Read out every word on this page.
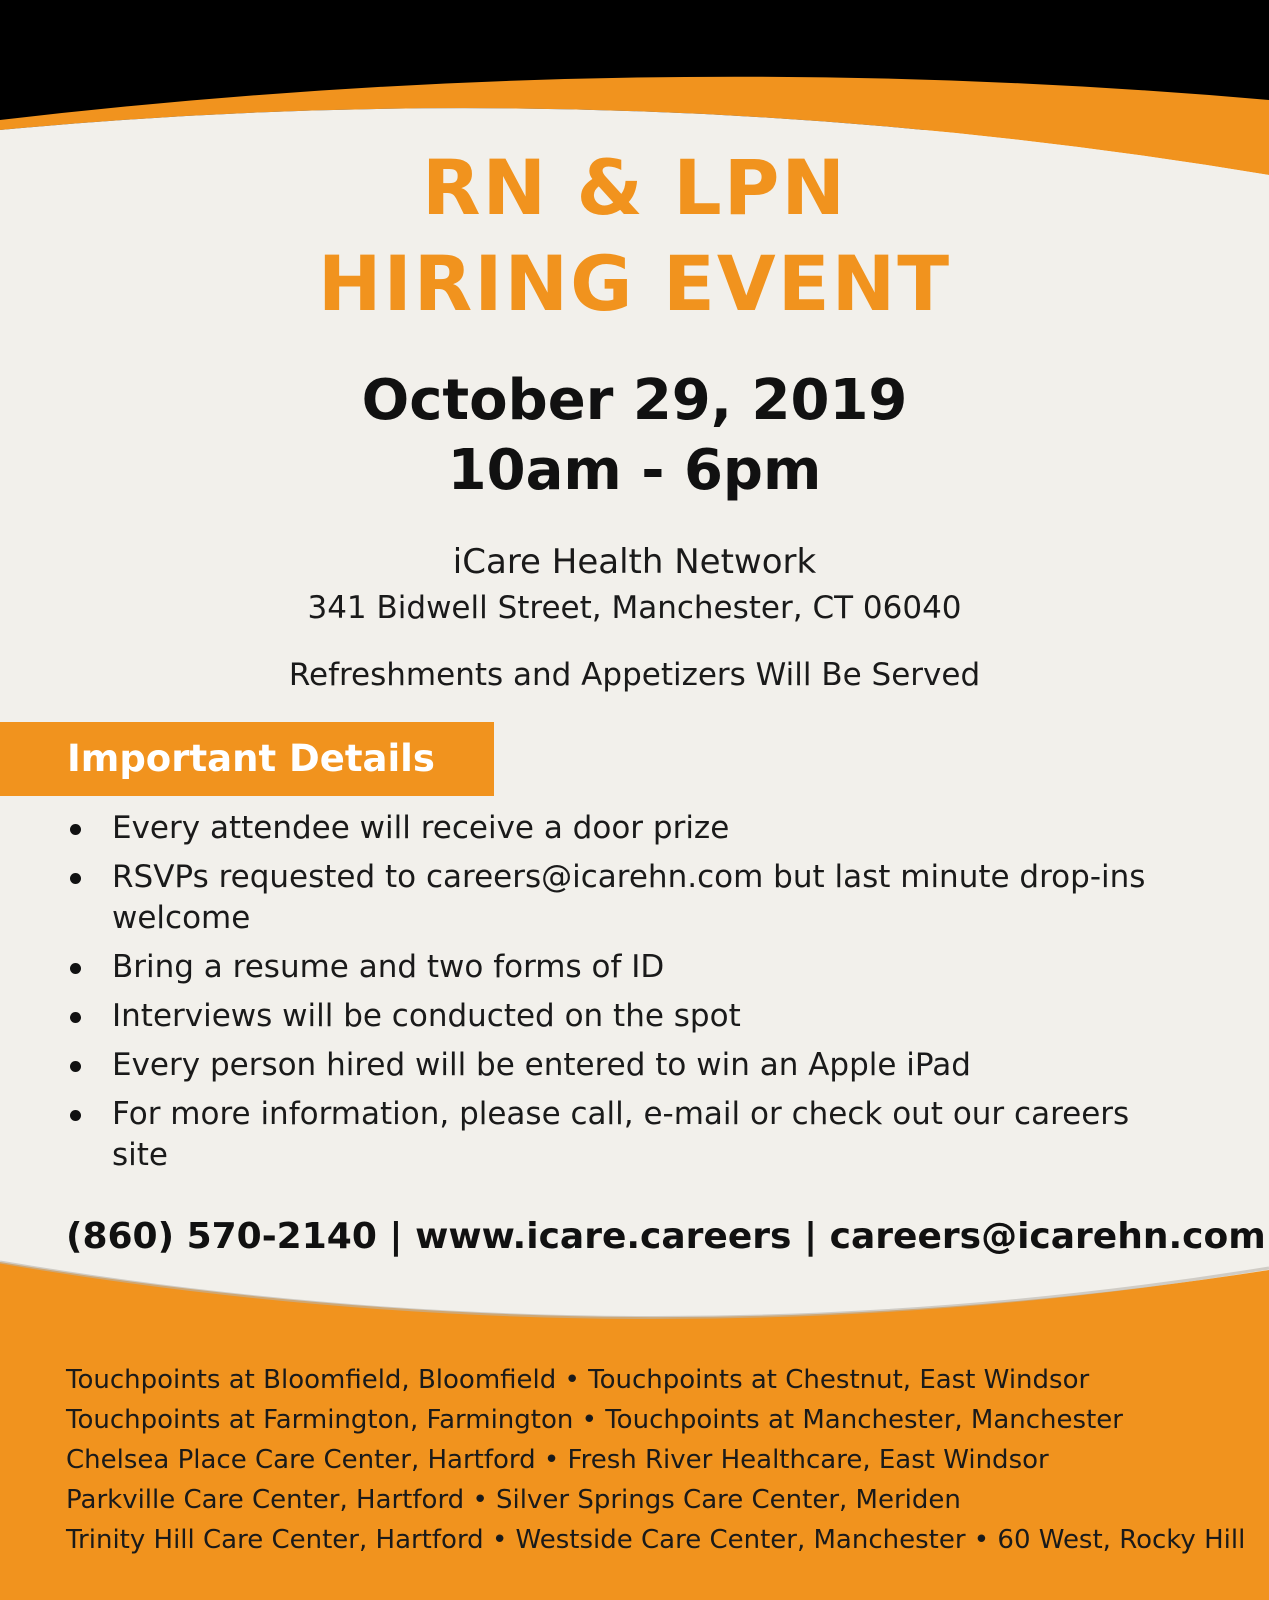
RN & LPN
HIRING EVENT
October 29, 2019
10am - 6pm
iCare Health Network
341 Bidwell Street, Manchester, CT 06040
Refreshments and Appetizers Will Be Served
Important Details
Every attendee will receive a door prize
RSVPs requested to careers@icarehn.com but last minute drop-ins welcome
Bring a resume and two forms of ID
Interviews will be conducted on the spot
Every person hired will be entered to win an Apple iPad
For more information, please call, e-mail or check out our careers site
(860) 570-2140 | www.icare.careers | careers@icarehn.com
Touchpoints at Bloomfield, Bloomfield • Touchpoints at Chestnut, East Windsor
Touchpoints at Farmington, Farmington • Touchpoints at Manchester, Manchester
Chelsea Place Care Center, Hartford • Fresh River Healthcare, East Windsor
Parkville Care Center, Hartford • Silver Springs Care Center, Meriden
Trinity Hill Care Center, Hartford • Westside Care Center, Manchester • 60 West, Rocky Hill
